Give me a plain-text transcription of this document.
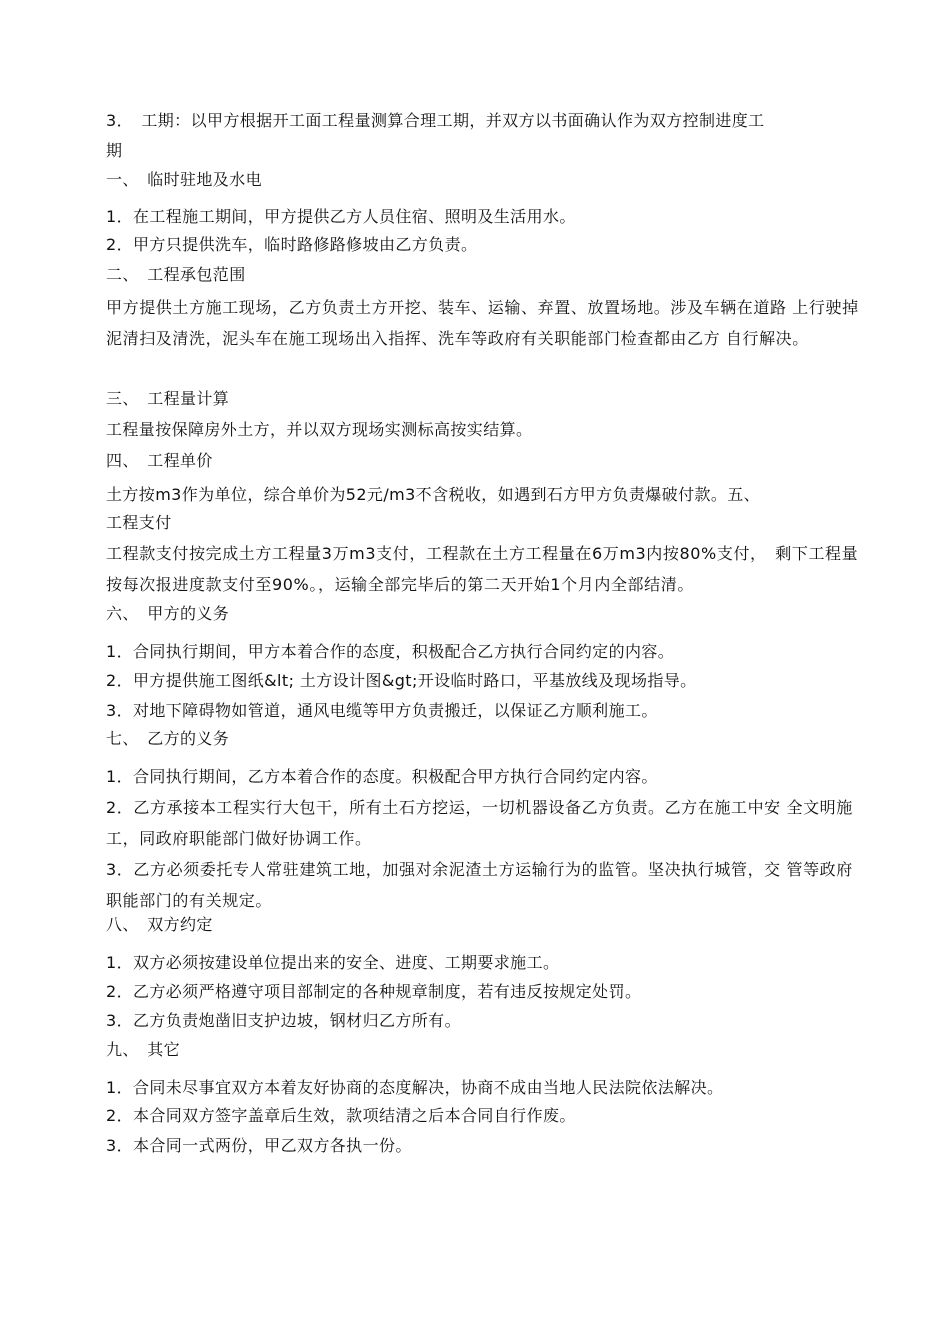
3．　工期：以甲方根据开工面工程量测算合理工期，并双方以书面确认作为双方控制进度工
期
一、　临时驻地及水电
1．在工程施工期间，甲方提供乙方人员住宿、照明及生活用水。
2．甲方只提供洗车，临时路修路修坡由乙方负责。
二、　工程承包范围
甲方提供土方施工现场，乙方负责土方开挖、装车、运输、弃置、放置场地。涉及车辆在道路 上行驶掉泥清扫及清洗，泥头车在施工现场出入指挥、洗车等政府有关职能部门检查都由乙方 自行解决。
三、　工程量计算
工程量按保障房外土方，并以双方现场实测标高按实结算。
四、　工程单价
土方按m3作为单位，综合单价为52元/m3不含税收，如遇到石方甲方负责爆破付款。五、
工程支付
工程款支付按完成土方工程量3万m3支付，工程款在土方工程量在6万m3内按80%支付，　剩下工程量按每次报进度款支付至90%。，运输全部完毕后的第二天开始1个月内全部结清。
六、　甲方的义务
1．合同执行期间，甲方本着合作的态度，积极配合乙方执行合同约定的内容。
2．甲方提供施工图纸&lt; 土方设计图&gt;开设临时路口，平基放线及现场指导。
3．对地下障碍物如管道，通风电缆等甲方负责搬迁，以保证乙方顺利施工。
七、　乙方的义务
1．合同执行期间，乙方本着合作的态度。积极配合甲方执行合同约定内容。
2．乙方承接本工程实行大包干，所有土石方挖运，一切机器设备乙方负责。乙方在施工中安 全文明施工，同政府职能部门做好协调工作。
3．乙方必须委托专人常驻建筑工地，加强对余泥渣土方运输行为的监管。坚决执行城管，交 管等政府职能部门的有关规定。
八、　双方约定
1．双方必须按建设单位提出来的安全、进度、工期要求施工。
2．乙方必须严格遵守项目部制定的各种规章制度，若有违反按规定处罚。
3．乙方负责炮凿旧支护边坡，钢材归乙方所有。
九、　其它
1．合同未尽事宜双方本着友好协商的态度解决，协商不成由当地人民法院依法解决。
2．本合同双方签字盖章后生效，款项结清之后本合同自行作废。
3．本合同一式两份，甲乙双方各执一份。
